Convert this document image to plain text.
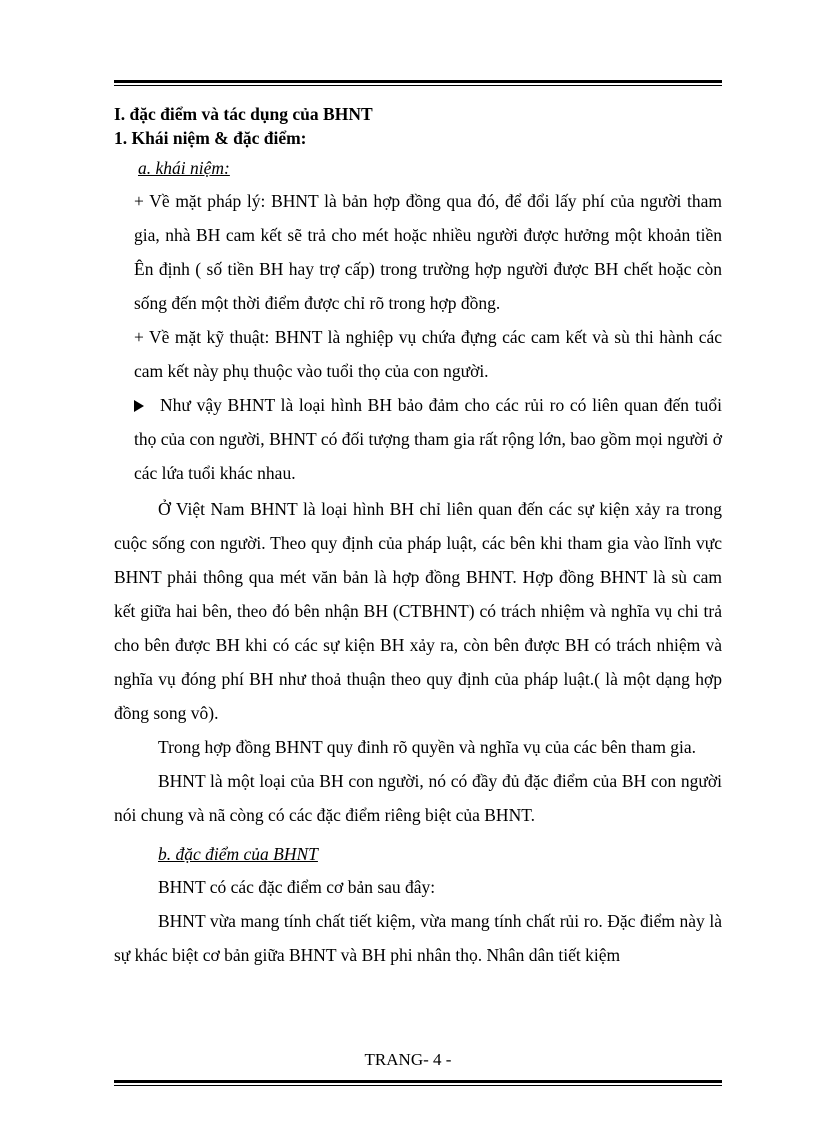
I. đặc điểm và tác dụng của BHNT

1. Khái niệm & đặc điểm:

a. khái niệm:

+ Về mặt pháp lý: BHNT là bản hợp đồng qua đó, để đổi lấy phí của người tham gia, nhà BH cam kết sẽ trả cho mét hoặc nhiều người được hưởng một khoản tiền Ên định ( số tiền BH hay trợ cấp) trong trường hợp người được BH chết hoặc còn sống đến một thời điểm được chỉ rõ trong hợp đồng.

+ Về mặt kỹ thuật: BHNT là nghiệp vụ chứa đựng các cam kết và sù thi hành các cam kết này phụ thuộc vào tuổi thọ của con người.

Như vậy BHNT là loại hình BH bảo đảm cho các rủi ro có liên quan đến tuổi thọ của con người, BHNT có đối tượng tham gia rất rộng lớn, bao gồm mọi người ở các lứa tuổi khác nhau.

Ở Việt Nam BHNT là loại hình BH chỉ liên quan đến các sự kiện xảy ra trong cuộc sống con người. Theo quy định của pháp luật, các bên khi tham gia vào lĩnh vực BHNT phải thông qua mét văn bản là hợp đồng BHNT. Hợp đồng BHNT là sù cam kết giữa hai bên, theo đó bên nhận BH (CTBHNT) có trách nhiệm và nghĩa vụ chi trả cho bên được BH khi có các sự kiện BH xảy ra, còn bên được BH có trách nhiệm và nghĩa vụ đóng phí BH như thoả thuận theo quy định của pháp luật.( là một dạng hợp đồng song vô).

Trong hợp đồng BHNT quy đinh rõ quyền và nghĩa vụ của các bên tham gia.

BHNT là một loại của BH con người, nó có đầy đủ đặc điểm của BH con người nói chung và nã còng có các đặc điểm riêng biệt của BHNT.

b. đặc điểm của BHNT

BHNT có các đặc điểm cơ bản sau đây:

BHNT vừa mang tính chất tiết kiệm, vừa mang tính chất rủi ro. Đặc điểm này là sự khác biệt cơ bản giữa BHNT và BH phi nhân thọ. Nhân dân tiết kiệm

TRANG- 4 -
